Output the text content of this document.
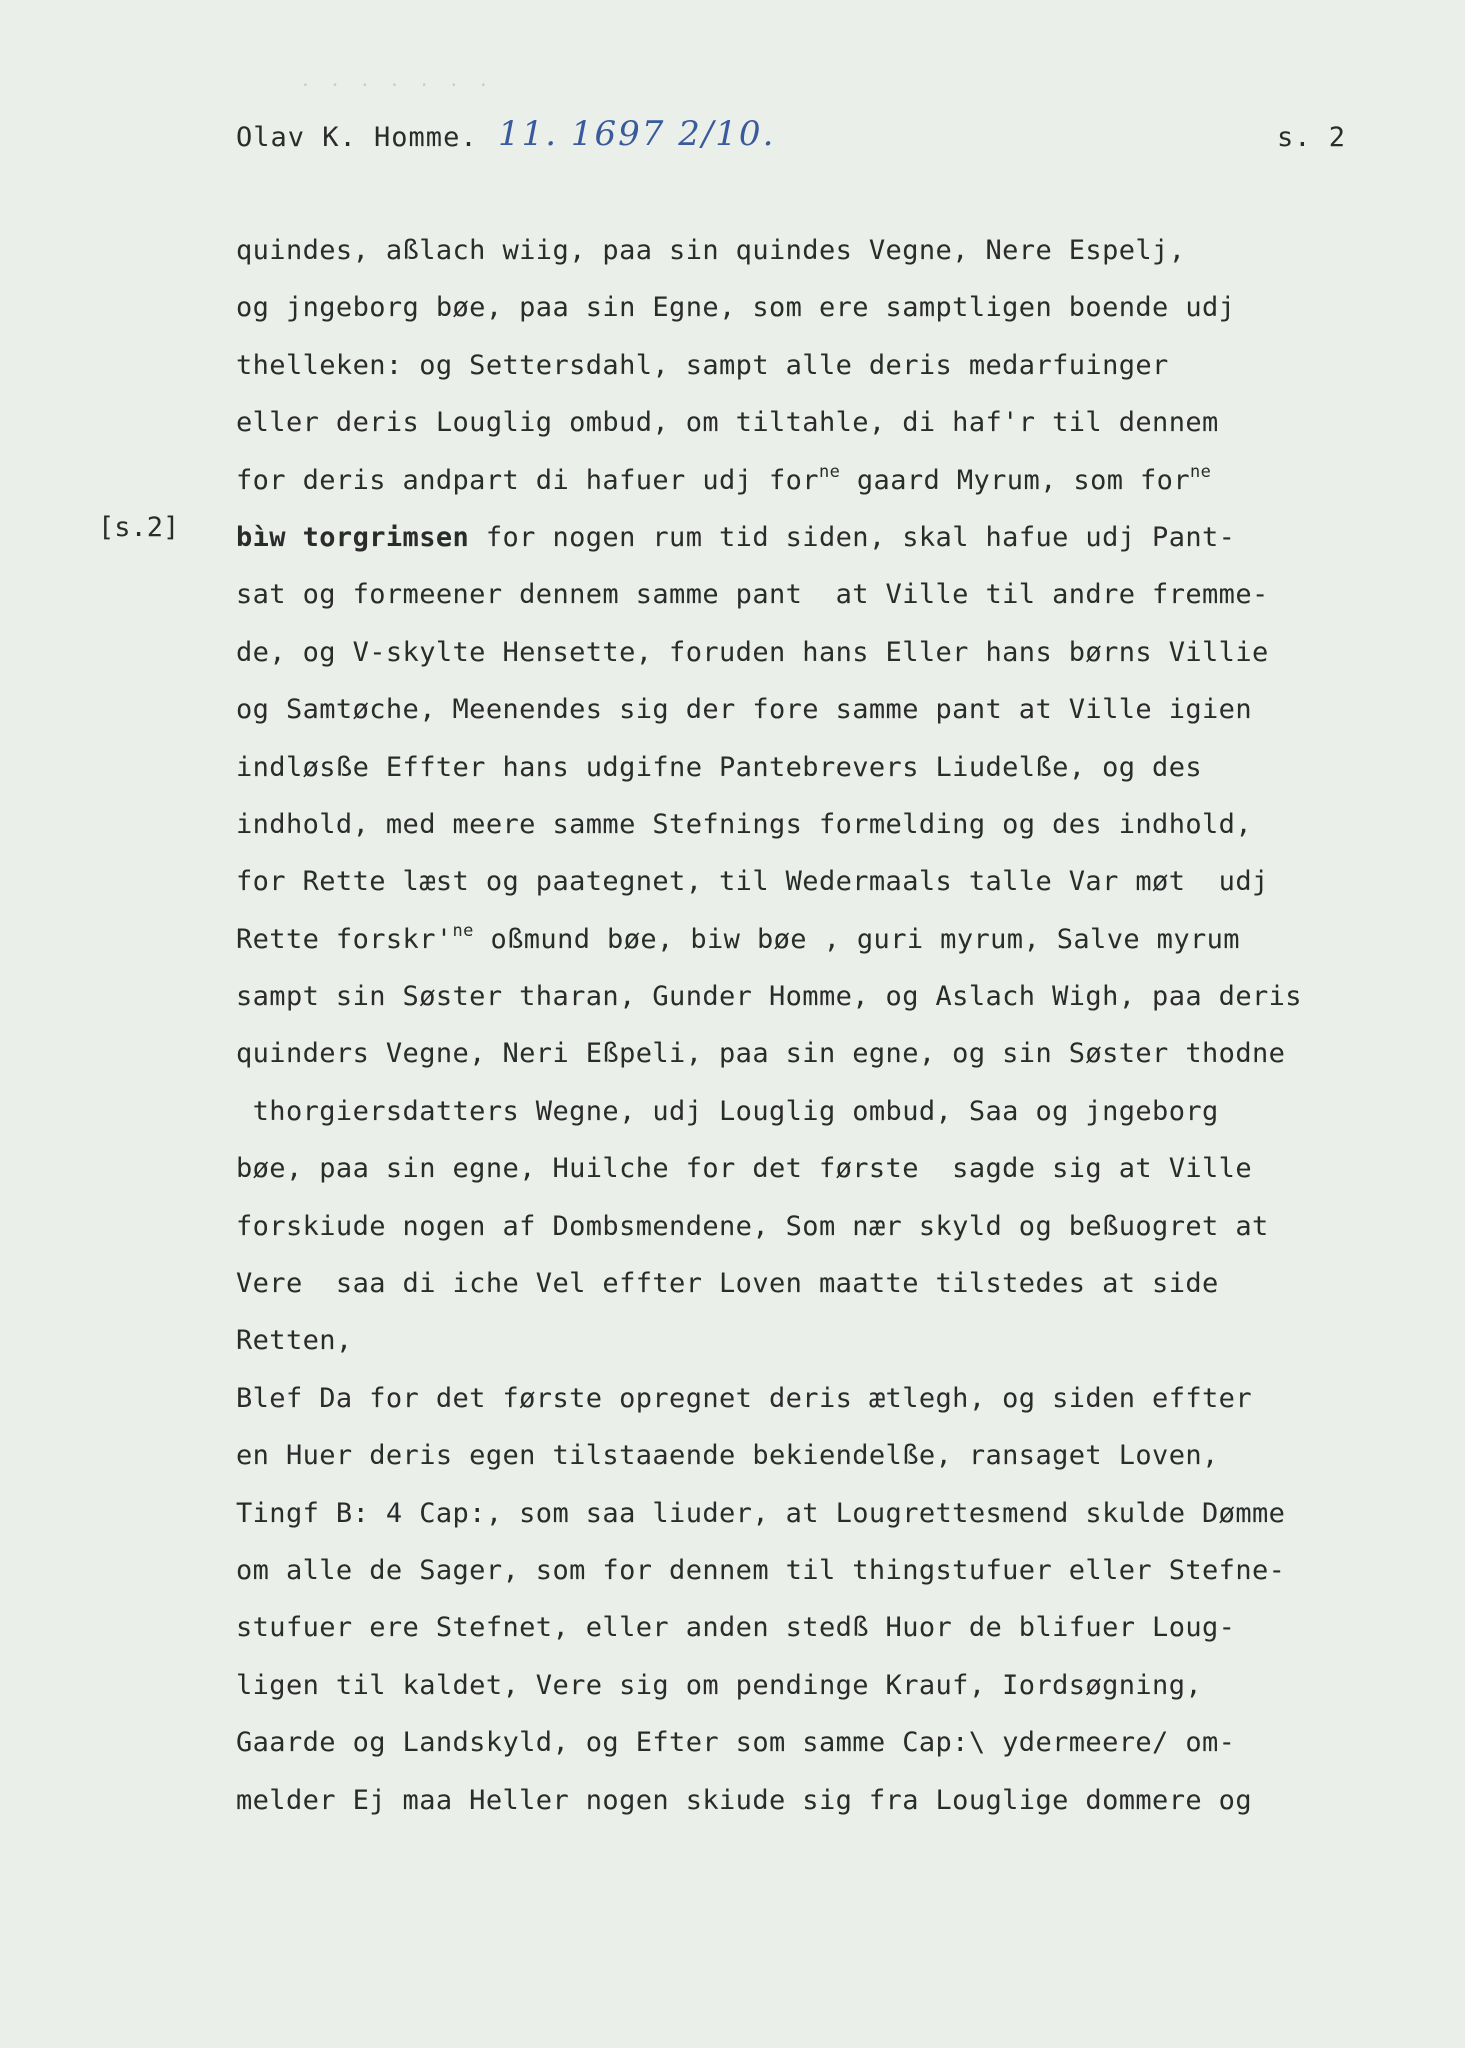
· · · · · · ·
Olav K. Homme. 11. 1697 2/10.	s. 2
[s.2]
quindes, aßlach wiig, paa sin quindes Vegne, Nere Espelj,
og jngeborg bøe, paa sin Egne, som ere samptligen boende udj
thelleken: og Settersdahl, sampt alle deris medarfuinger
eller deris Louglig ombud, om tiltahle, di haf'r til dennem
for deris andpart di hafuer udj for$^{ne}$ gaard Myrum, som for$^{ne}$
bìw torgrimsen for nogen rum tid siden, skal hafue udj Pant-
sat og formeener dennem samme pant  at Ville til andre fremme-
de, og V-skylte Hensette, foruden hans Eller hans børns Villie
og Samtøche, Meenendes sig der fore samme pant at Ville igien
indløsße Effter hans udgifne Pantebrevers Liudelße, og des
indhold, med meere samme Stefnings formelding og des indhold,
for Rette læst og paategnet, til Wedermaals talle Var møt  udj
Rette $forskr'^{ne}$ oßmund bøe, biw bøe , guri myrum, Salve myrum
sampt sin Søster tharan, Gunder Homme, og Aslach Wigh, paa deris
quinders Vegne, Neri Eßpeli, paa sin egne, og sin Søster thodne
thorgiersdatters Wegne, udj Louglig ombud, Saa og jngeborg
bøe, paa sin egne, Huilche for det første  sagde sig at Ville
forskiude nogen af Dombsmendene, Som nær skyld og beßuogret at
Vere  saa di iche Vel effter Loven maatte tilstedes at side
Retten,
Blef Da for det første opregnet deris ætlegh, og siden effter
en Huer deris egen tilstaaende bekiendelße, ransaget Loven,
Tingf B: 4 Cap:, som saa liuder, at Lougrettesmend skulde Dømme
om alle de Sager, som for dennem til thingstufuer eller Stefne-
stufuer ere Stefnet, eller anden stedß Huor de blifuer Loug-
ligen til kaldet, Vere sig om pendinge Krauf, Iordsøgning,
Gaarde og Landskyld, og Efter som samme Cap:\ ydermeere/ om-
melder Ej maa Heller nogen skiude sig fra Louglige dommere og
